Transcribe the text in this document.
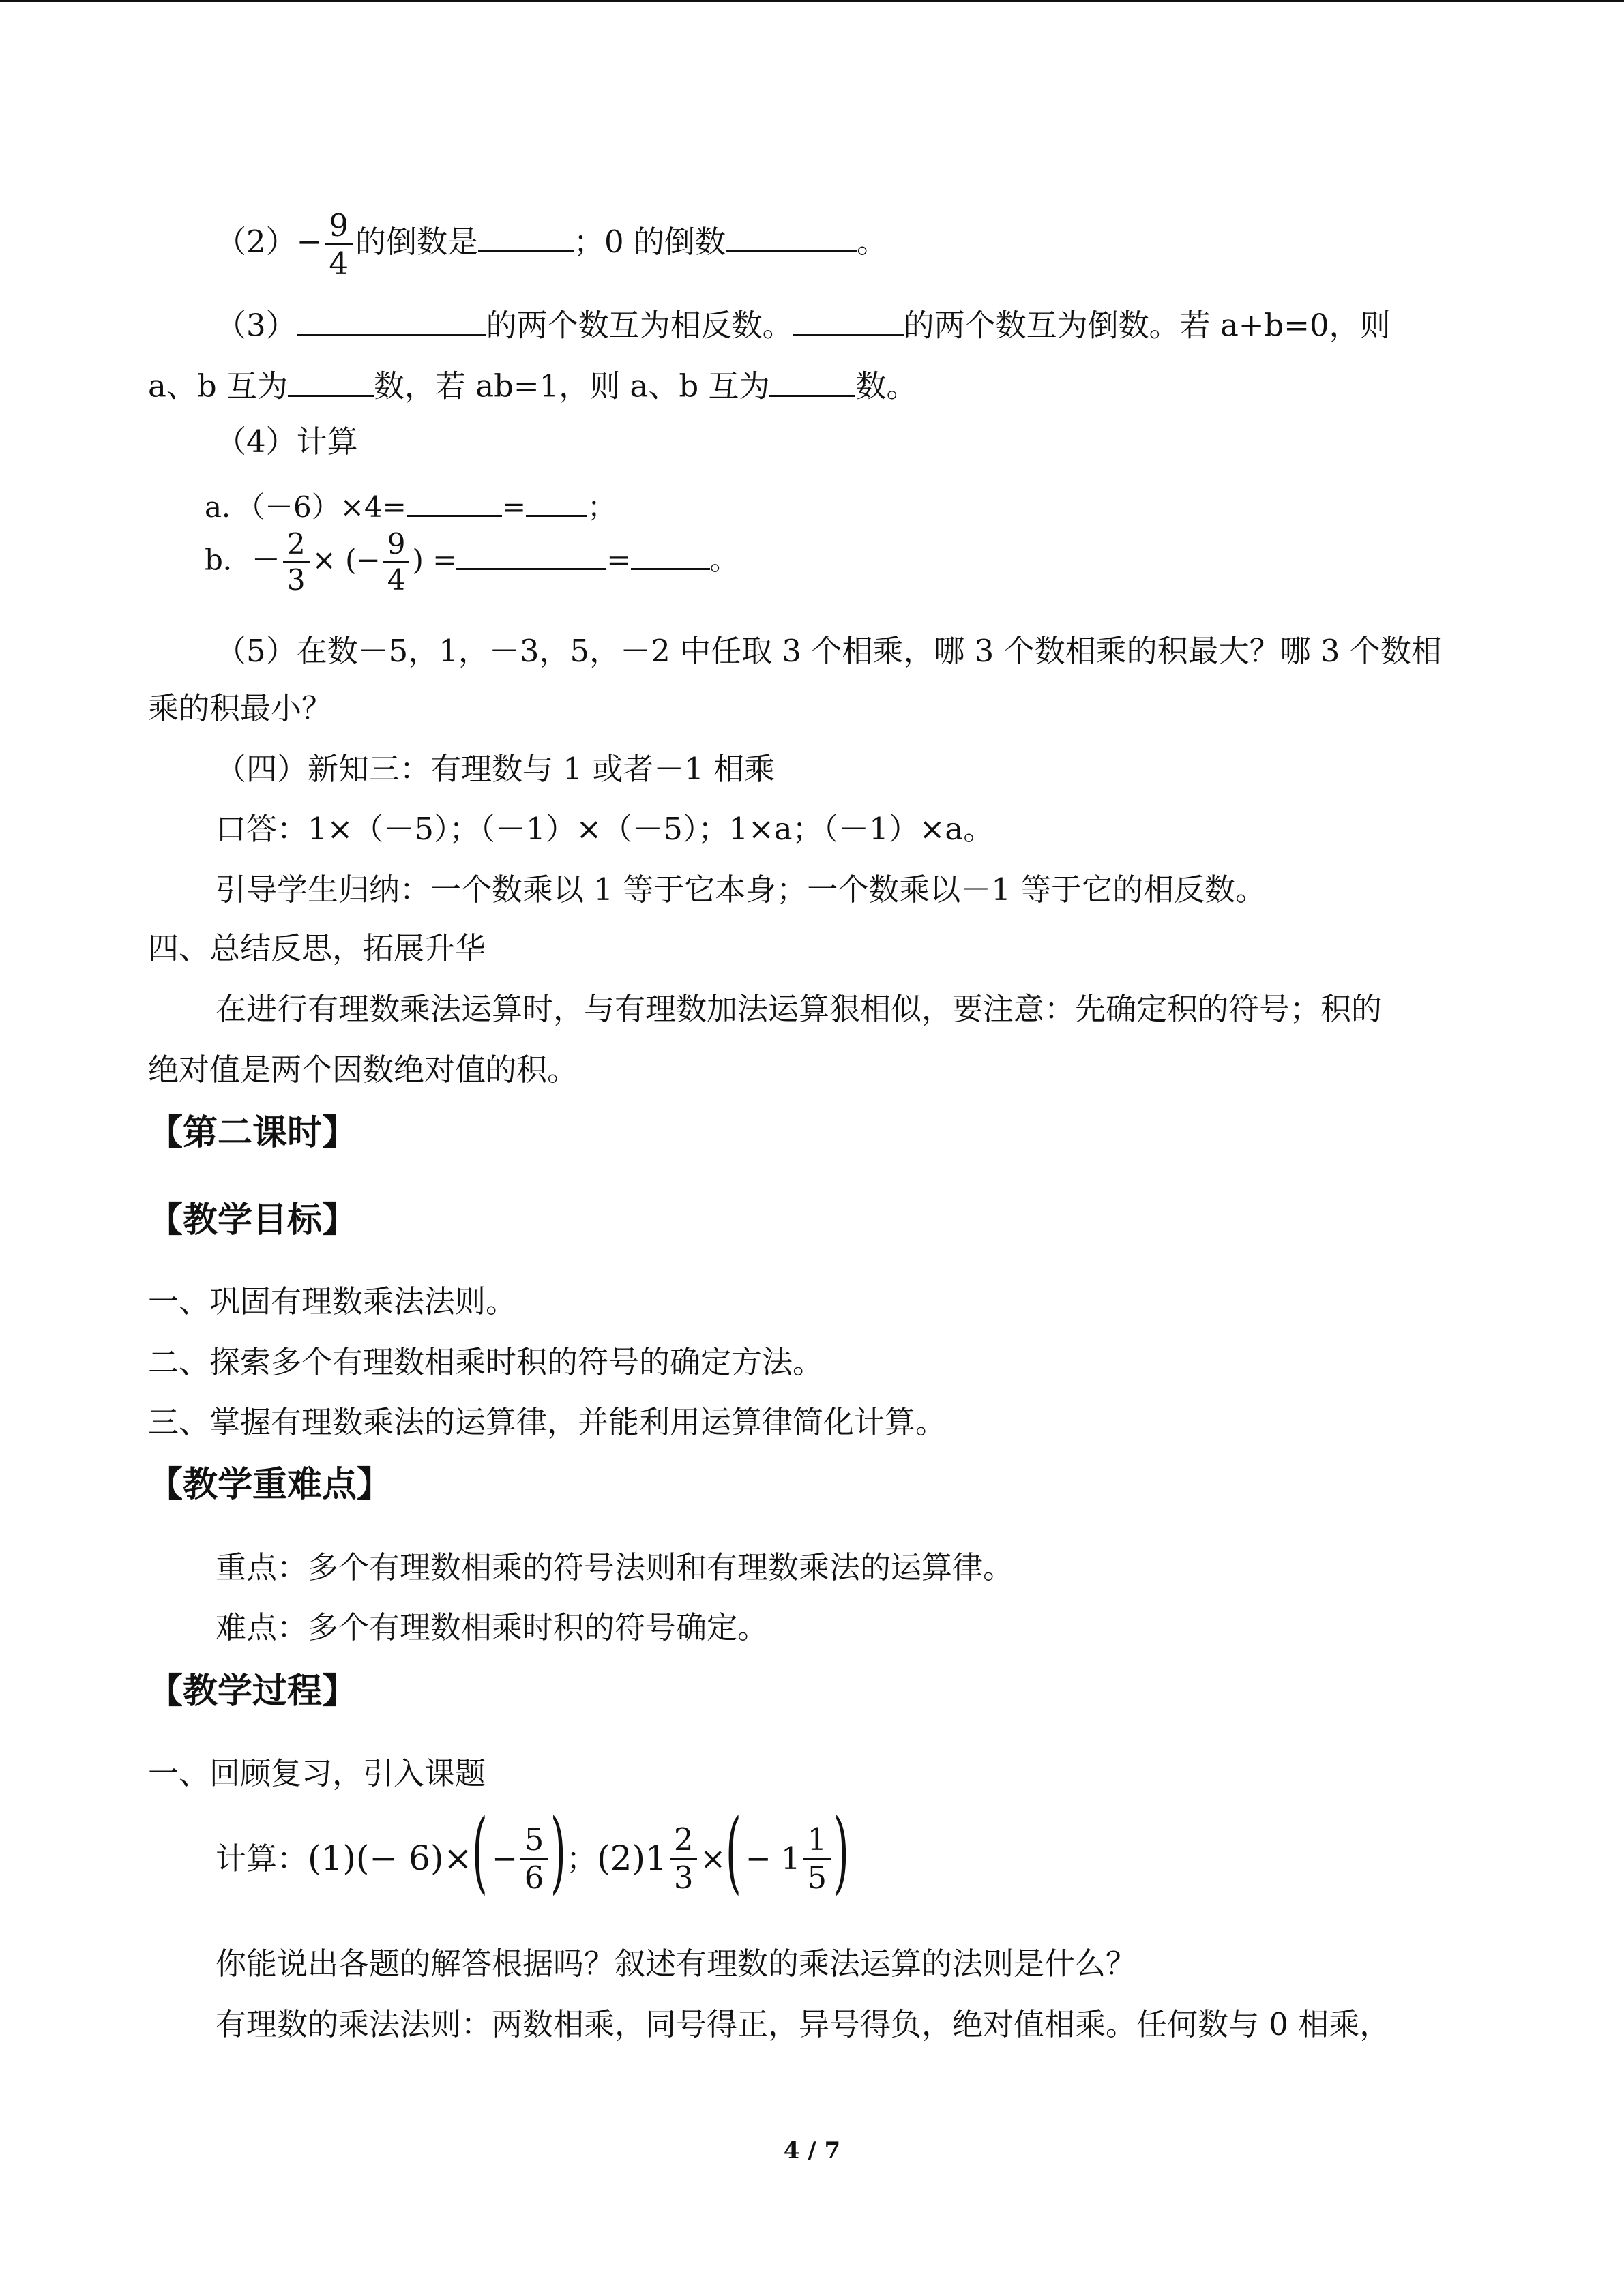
$(2)- \frac{9}{4}$ 的倒数是	；0 的倒数	。
（3）	的两个数互为相反数。	的两个数互为倒数。若 a+b=0，则
a、b 互为	数，若 ab=1，则 a、b 互为	数。
（4）计算
a．（－6）×4=	= ；
b．－ $\frac{2}{3}$ × (− $\frac{9}{4}$ ) =	=	。
（5）在数－5，1，－3，5，－2 中任取 3 个相乘，哪 3 个数相乘的积最大？哪 3 个数相
乘的积最小？
（四）新知三：有理数与 1 或者－1 相乘
口答：1×（－5）；（－1）×（－5）；1×a；（－1）×a。
引导学生归纳：一个数乘以 1 等于它本身；一个数乘以－1 等于它的相反数。
四、总结反思，拓展升华
在进行有理数乘法运算时，与有理数加法运算狠相似，要注意：先确定积的符号；积的
绝对值是两个因数绝对值的积。
【第二课时】
【教学目标】
一、巩固有理数乘法法则。
二、探索多个有理数相乘时积的符号的确定方法。
三、掌握有理数乘法的运算律，并能利用运算律简化计算。
【教学重难点】
重点：多个有理数相乘的符号法则和有理数乘法的运算律。
难点：多个有理数相乘时积的符号确定。
【教学过程】
一、回顾复习，引入课题
计算： (1)(− 6)× ( − $\frac{5}{6}$ ) ； $(2)1 \frac{2}{3}$ × ( − $1 \frac{1}{5}$ )
你能说出各题的解答根据吗？叙述有理数的乘法运算的法则是什么？
有理数的乘法法则：两数相乘，同号得正，异号得负，绝对值相乘。任何数与 0 相乘，
4 / 7
